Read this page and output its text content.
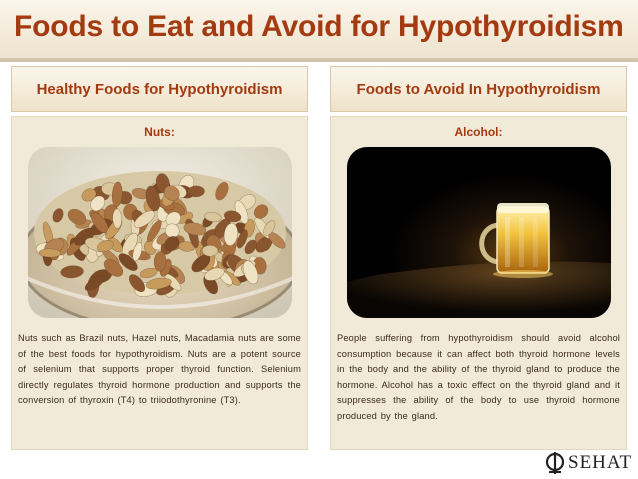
Foods to Eat and Avoid for Hypothyroidism
Healthy Foods for Hypothyroidism
Nuts:
Nuts such as Brazil nuts, Hazel nuts, Macadamia nuts are some of the best foods for hypothyroidism. Nuts are a potent source of selenium that supports proper thyroid function. Selenium directly regulates thyroid hormone production and supports the conversion of thyroxin (T4) to triiodothyronine (T3).
Foods to Avoid In Hypothyroidism
Alcohol:
People suffering from hypothyroidism should avoid alcohol consumption because it can affect both thyroid hormone levels in the body and the ability of the thyroid gland to produce the hormone. Alcohol has a toxic effect on the thyroid gland and it suppresses the ability of the body to use thyroid hormone produced by the gland.
SEHAT
